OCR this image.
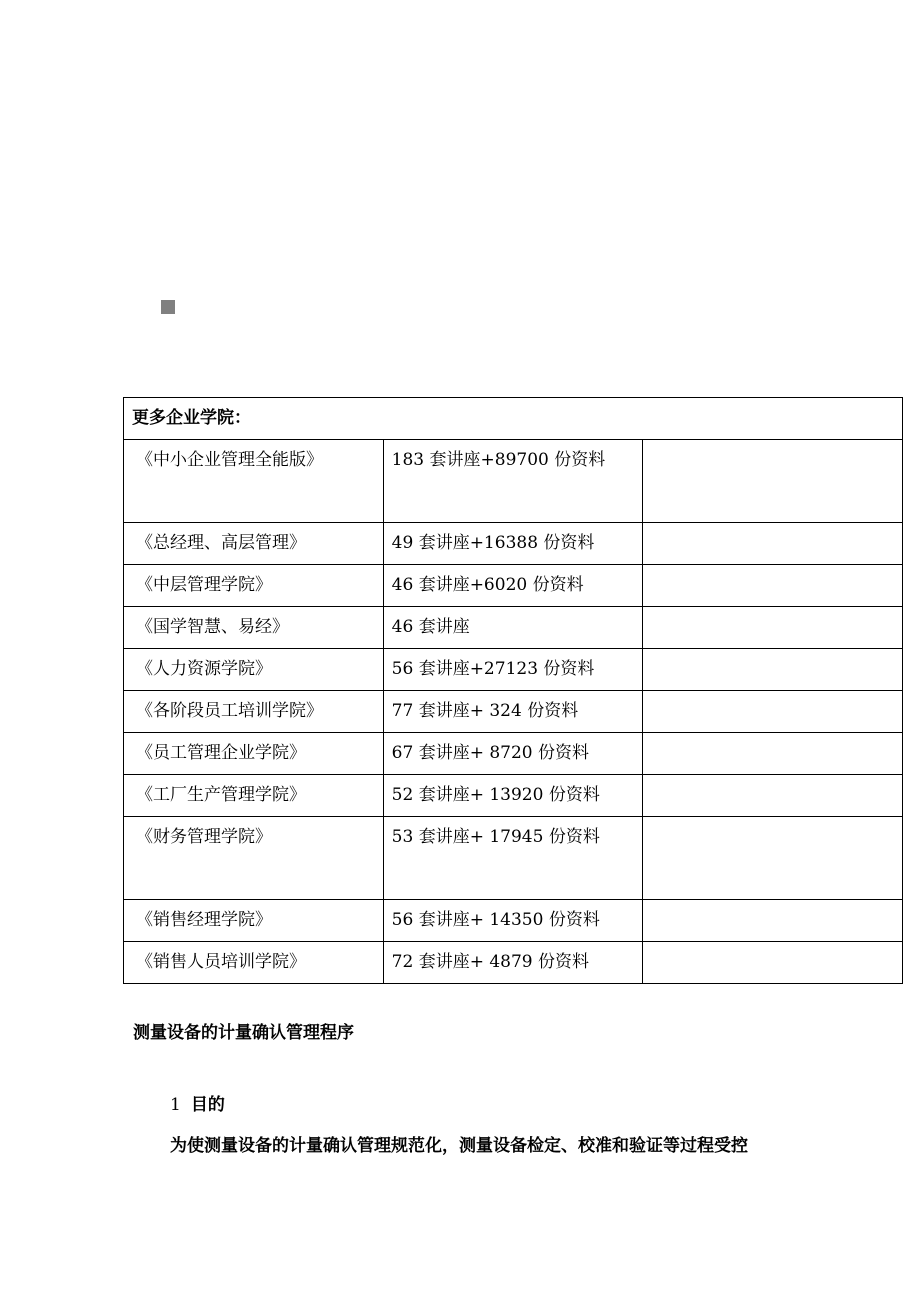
更多企业学院：		
《中小企业管理全能版》	183 套讲座+89700 份资料	
《总经理、高层管理》	49 套讲座+16388 份资料	
《中层管理学院》	46 套讲座+6020 份资料	
《国学智慧、易经》	46 套讲座	
《人力资源学院》	56 套讲座+27123 份资料	
《各阶段员工培训学院》	77 套讲座+ 324 份资料	
《员工管理企业学院》	67 套讲座+ 8720 份资料	
《工厂生产管理学院》	52 套讲座+ 13920 份资料	
《财务管理学院》	53 套讲座+ 17945 份资料	
《销售经理学院》	56 套讲座+ 14350 份资料	
《销售人员培训学院》	72 套讲座+ 4879 份资料	
测量设备的计量确认管理程序
1 目的
为使测量设备的计量确认管理规范化，测量设备检定、校准和验证等过程受控
